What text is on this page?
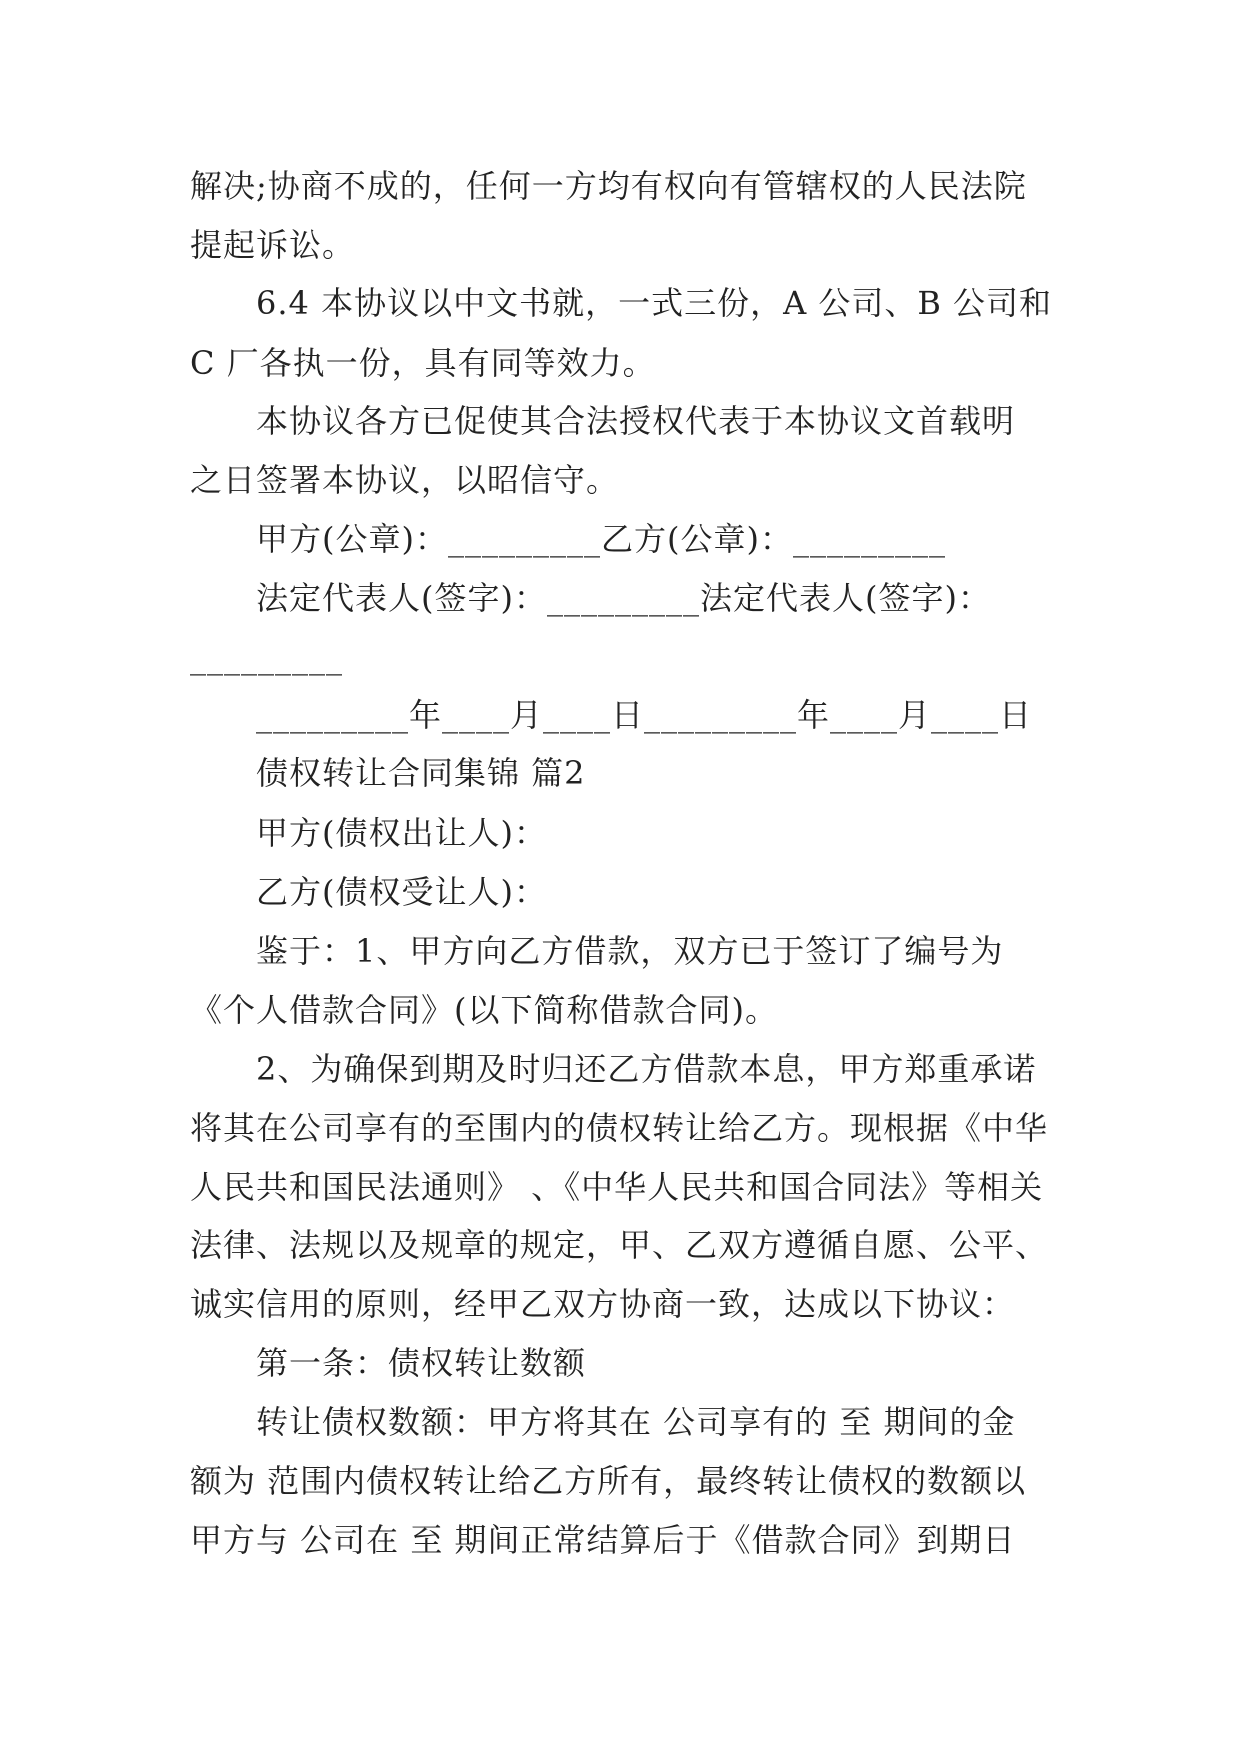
解决;协商不成的，任何一方均有权向有管辖权的人民法院
提起诉讼。
6.4 本协议以中文书就，一式三份，A 公司、B 公司和
C 厂各执一份，具有同等效力。
本协议各方已促使其合法授权代表于本协议文首载明
之日签署本协议，以昭信守。
甲方(公章)：_________乙方(公章)：_________
法定代表人(签字)：_________法定代表人(签字)：
_________
_________年____月____日_________年____月____日
债权转让合同集锦 篇2
甲方(债权出让人)：
乙方(债权受让人)：
鉴于：1、甲方向乙方借款，双方已于签订了编号为
《个人借款合同》(以下简称借款合同)。
2、为确保到期及时归还乙方借款本息，甲方郑重承诺
将其在公司享有的至围内的债权转让给乙方。现根据《中华
人民共和国民法通则》 、《中华人民共和国合同法》等相关
法律、法规以及规章的规定，甲、乙双方遵循自愿、公平、
诚实信用的原则，经甲乙双方协商一致，达成以下协议：
第一条：债权转让数额
转让债权数额：甲方将其在 公司享有的 至 期间的金
额为 范围内债权转让给乙方所有，最终转让债权的数额以
甲方与 公司在 至 期间正常结算后于《借款合同》到期日
